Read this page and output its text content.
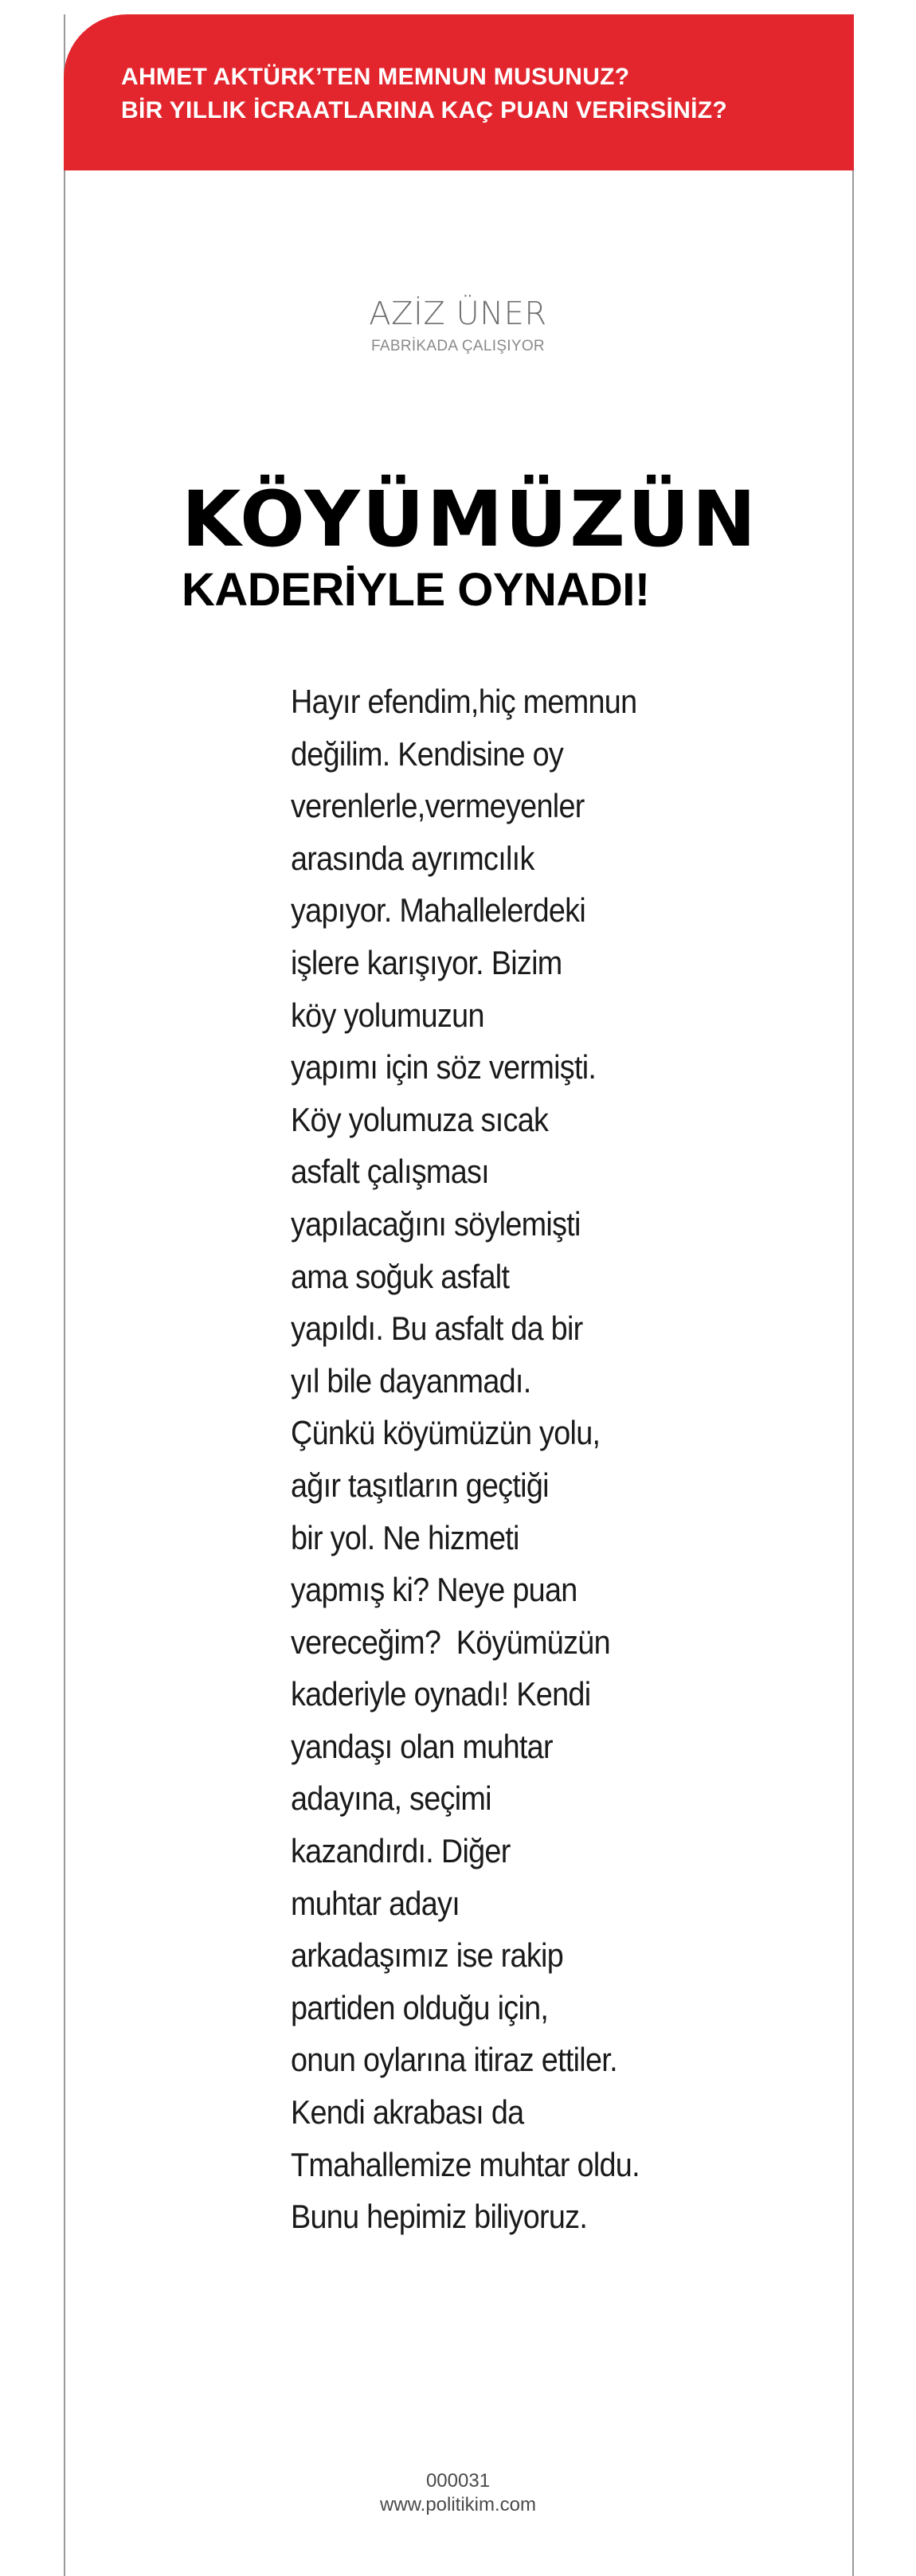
AHMET AKTÜRK’TEN MEMNUN MUSUNUZ?
BİR YILLIK İCRAATLARINA KAÇ PUAN VERİRSİNİZ?
AZİZ ÜNER
FABRİKADA ÇALIŞIYOR
KÖYÜMÜZÜN
KADERİYLE OYNADI!
Hayır efendim,hiç memnun
değilim. Kendisine oy
verenlerle,vermeyenler
arasında ayrımcılık
yapıyor. Mahallelerdeki
işlere karışıyor. Bizim
köy yolumuzun
yapımı için söz vermişti.
Köy yolumuza sıcak
asfalt çalışması
yapılacağını söylemişti
ama soğuk asfalt
yapıldı. Bu asfalt da bir
yıl bile dayanmadı.
Çünkü köyümüzün yolu,
ağır taşıtların geçtiği
bir yol. Ne hizmeti
yapmış ki? Neye puan
vereceğim?  Köyümüzün
kaderiyle oynadı! Kendi
yandaşı olan muhtar
adayına, seçimi
kazandırdı. Diğer
muhtar adayı
arkadaşımız ise rakip
partiden olduğu için,
onun oylarına itiraz ettiler.
Kendi akrabası da
Tmahallemize muhtar oldu.
Bunu hepimiz biliyoruz.
000031
www.politikim.com
